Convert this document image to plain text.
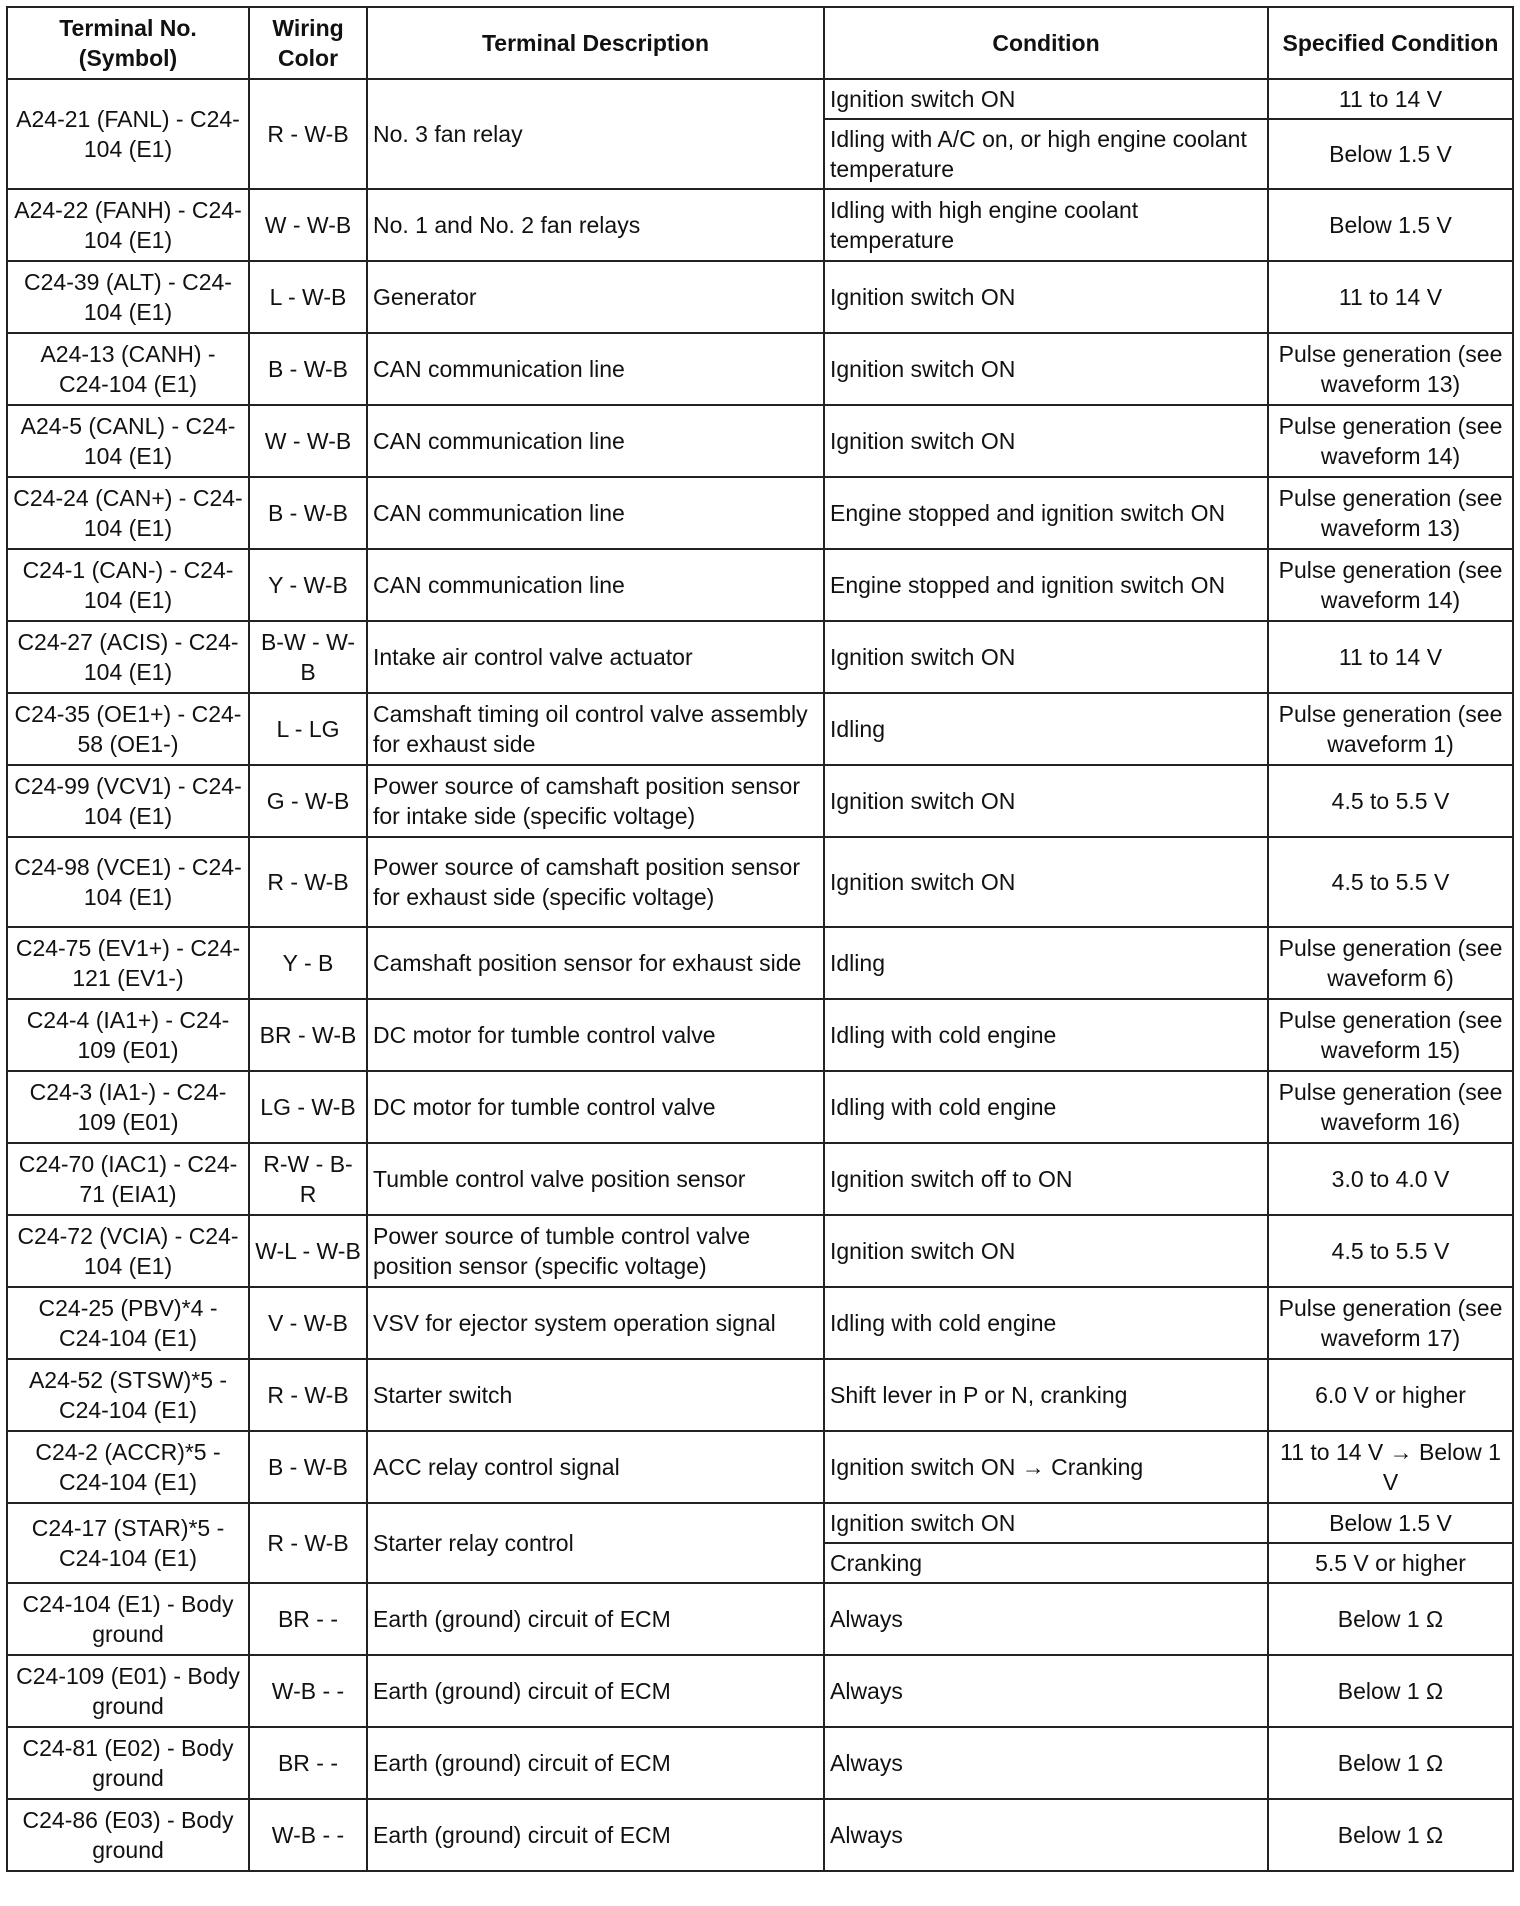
Terminal No. (Symbol)	Wiring Color	Terminal Description	Condition	Specified Condition
A24-21 (FANL) - C24-104 (E1)	R - W-B	No. 3 fan relay	Ignition switch ON	11 to 14 V
			Idling with A/C on, or high engine coolant temperature	Below 1.5 V
A24-22 (FANH) - C24-104 (E1)	W - W-B	No. 1 and No. 2 fan relays	Idling with high engine coolant temperature	Below 1.5 V
C24-39 (ALT) - C24-104 (E1)	L - W-B	Generator	Ignition switch ON	11 to 14 V
A24-13 (CANH) - C24-104 (E1)	B - W-B	CAN communication line	Ignition switch ON	Pulse generation (see waveform 13)
A24-5 (CANL) - C24-104 (E1)	W - W-B	CAN communication line	Ignition switch ON	Pulse generation (see waveform 14)
C24-24 (CAN+) - C24-104 (E1)	B - W-B	CAN communication line	Engine stopped and ignition switch ON	Pulse generation (see waveform 13)
C24-1 (CAN-) - C24-104 (E1)	Y - W-B	CAN communication line	Engine stopped and ignition switch ON	Pulse generation (see waveform 14)
C24-27 (ACIS) - C24-104 (E1)	B-W - W-B	Intake air control valve actuator	Ignition switch ON	11 to 14 V
C24-35 (OE1+) - C24-58 (OE1-)	L - LG	Camshaft timing oil control valve assembly for exhaust side	Idling	Pulse generation (see waveform 1)
C24-99 (VCV1) - C24-104 (E1)	G - W-B	Power source of camshaft position sensor for intake side (specific voltage)	Ignition switch ON	4.5 to 5.5 V
C24-98 (VCE1) - C24-104 (E1)	R - W-B	Power source of camshaft position sensor for exhaust side (specific voltage)	Ignition switch ON	4.5 to 5.5 V
C24-75 (EV1+) - C24-121 (EV1-)	Y - B	Camshaft position sensor for exhaust side	Idling	Pulse generation (see waveform 6)
C24-4 (IA1+) - C24-109 (E01)	BR - W-B	DC motor for tumble control valve	Idling with cold engine	Pulse generation (see waveform 15)
C24-3 (IA1-) - C24-109 (E01)	LG - W-B	DC motor for tumble control valve	Idling with cold engine	Pulse generation (see waveform 16)
C24-70 (IAC1) - C24-71 (EIA1)	R-W - B-R	Tumble control valve position sensor	Ignition switch off to ON	3.0 to 4.0 V
C24-72 (VCIA) - C24-104 (E1)	W-L - W-B	Power source of tumble control valve position sensor (specific voltage)	Ignition switch ON	4.5 to 5.5 V
C24-25 (PBV)*4 - C24-104 (E1)	V - W-B	VSV for ejector system operation signal	Idling with cold engine	Pulse generation (see waveform 17)
A24-52 (STSW)*5 - C24-104 (E1)	R - W-B	Starter switch	Shift lever in P or N, cranking	6.0 V or higher
C24-2 (ACCR)*5 - C24-104 (E1)	B - W-B	ACC relay control signal	Ignition switch ON → Cranking	11 to 14 V → Below 1 V
C24-17 (STAR)*5 - C24-104 (E1)	R - W-B	Starter relay control	Ignition switch ON	Below 1.5 V
			Cranking	5.5 V or higher
C24-104 (E1) - Body ground	BR - -	Earth (ground) circuit of ECM	Always	Below 1 Ω
C24-109 (E01) - Body ground	W-B - -	Earth (ground) circuit of ECM	Always	Below 1 Ω
C24-81 (E02) - Body ground	BR - -	Earth (ground) circuit of ECM	Always	Below 1 Ω
C24-86 (E03) - Body ground	W-B - -	Earth (ground) circuit of ECM	Always	Below 1 Ω
